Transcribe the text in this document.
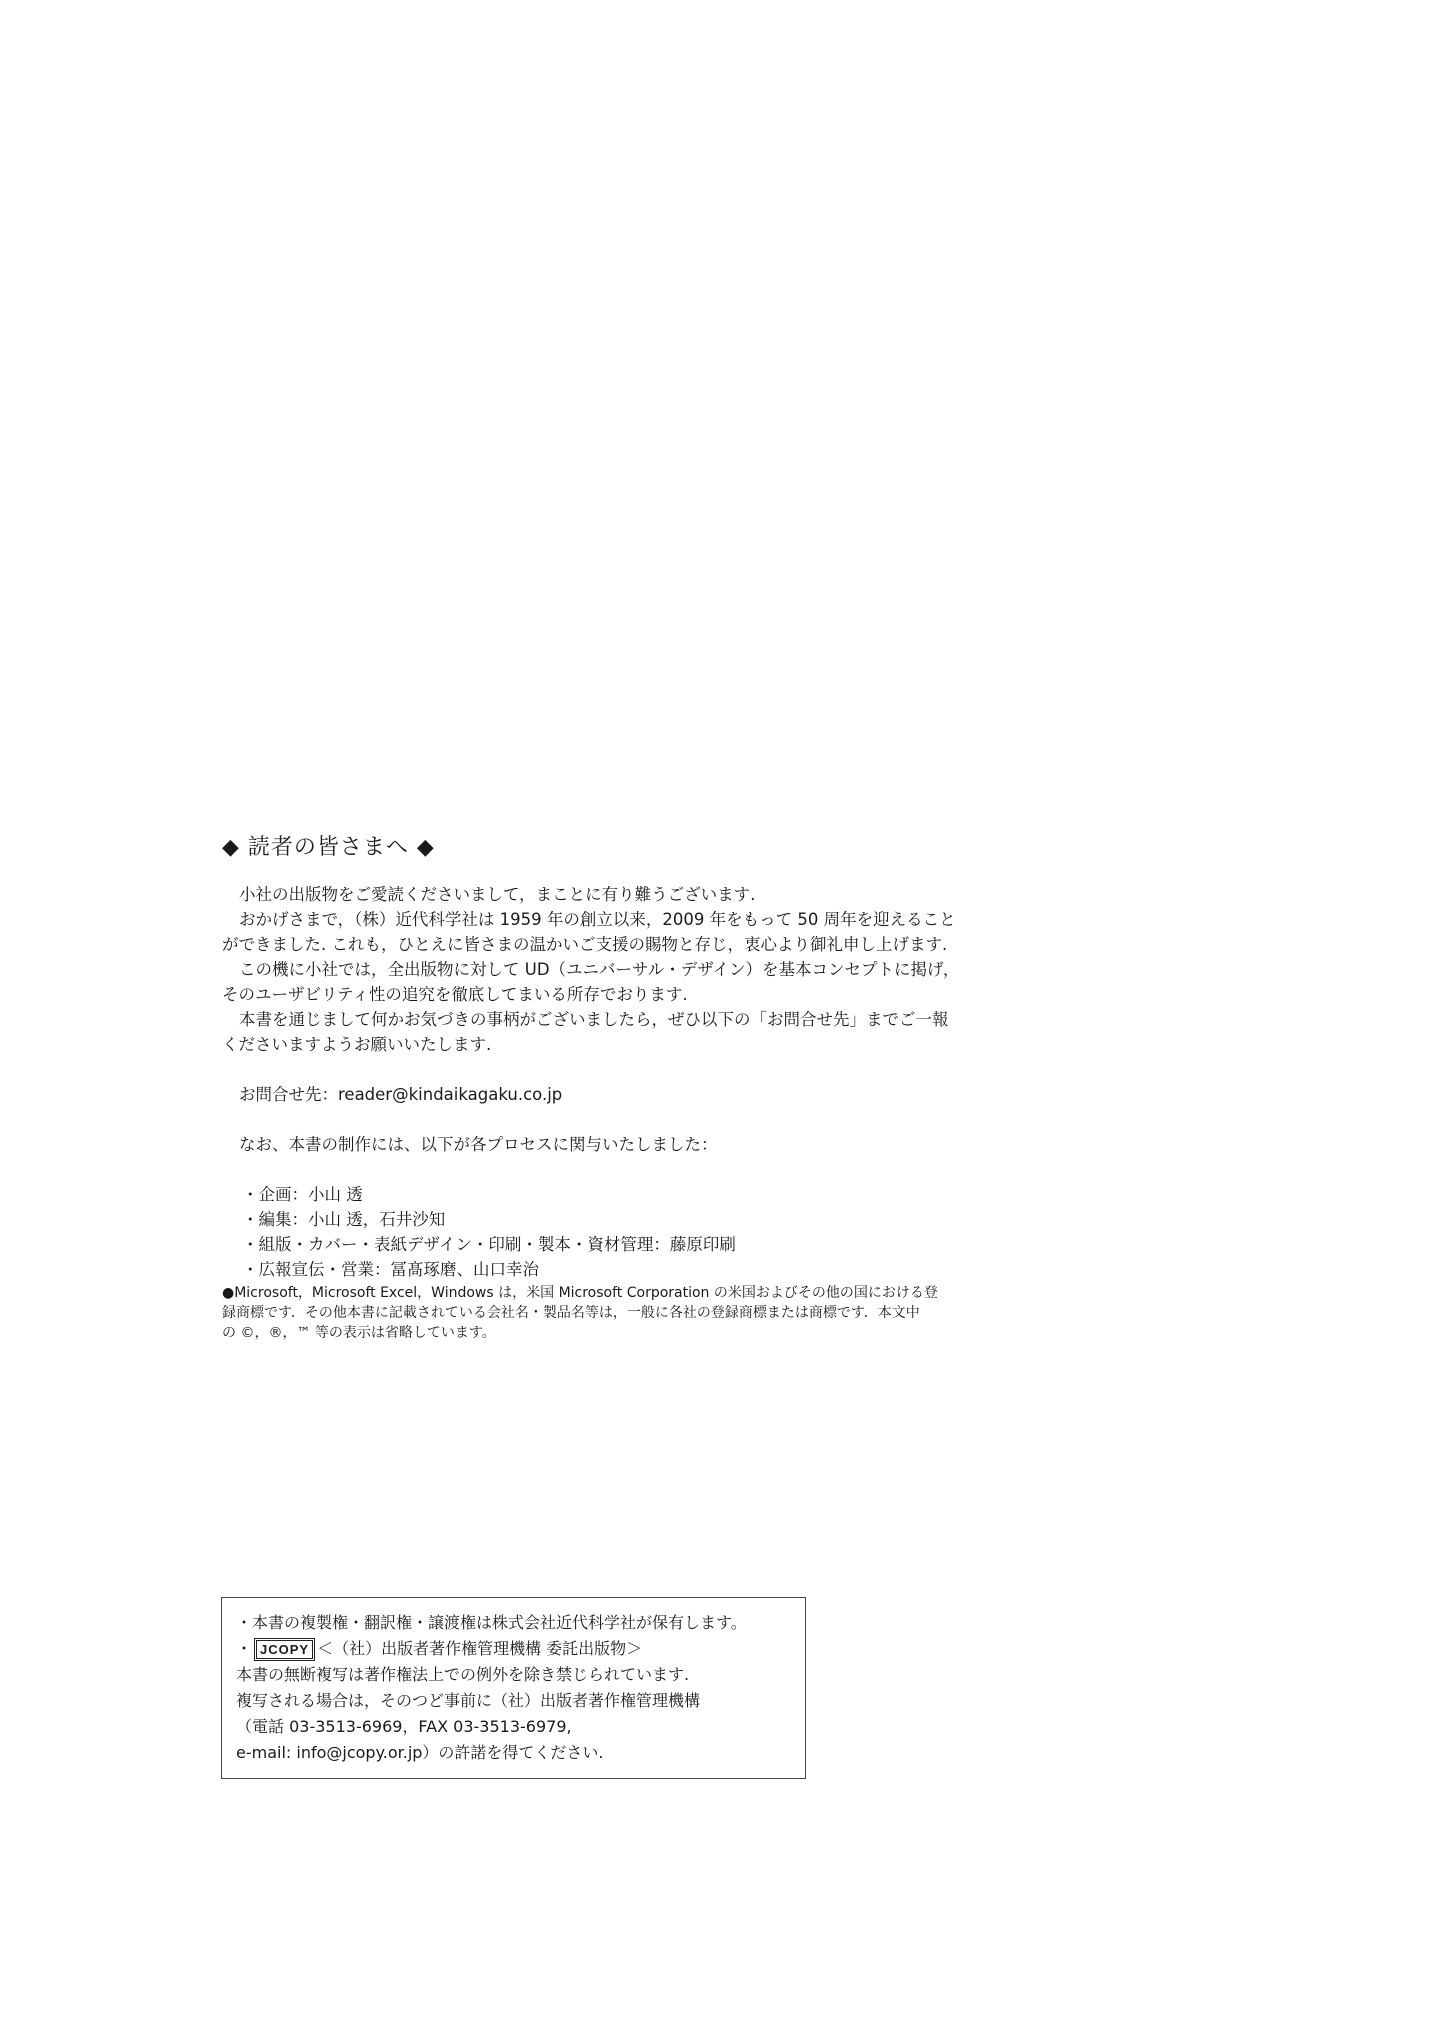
◆ 読者の皆さまへ ◆
小社の出版物をご愛読くださいまして，まことに有り難うございます.
おかげさまで，（株）近代科学社は 1959 年の創立以来，2009 年をもって 50 周年を迎えること
ができました. これも，ひとえに皆さまの温かいご支援の賜物と存じ，衷心より御礼申し上げます.
この機に小社では，全出版物に対して UD（ユニバーサル・デザイン）を基本コンセプトに掲げ，
そのユーザビリティ性の追究を徹底してまいる所存でおります.
本書を通じまして何かお気づきの事柄がございましたら，ぜひ以下の「お問合せ先」までご一報
くださいますようお願いいたします.
お問合せ先：reader@kindaikagaku.co.jp
なお、本書の制作には、以下が各プロセスに関与いたしました：
・企画：小山 透
・編集：小山 透，石井沙知
・組版・カバー・表紙デザイン・印刷・製本・資材管理：藤原印刷
・広報宣伝・営業：冨髙琢磨、山口幸治
●Microsoft，Microsoft Excel，Windows は，米国 Microsoft Corporation の米国およびその他の国における登
録商標です．その他本書に記載されている会社名・製品名等は，一般に各社の登録商標または商標です．本文中
の ©，®，™ 等の表示は省略しています。
・本書の複製権・翻訳権・譲渡権は株式会社近代科学社が保有します。
・ JCOPY ＜（社）出版者著作権管理機構 委託出版物＞
本書の無断複写は著作権法上での例外を除き禁じられています.
複写される場合は，そのつど事前に（社）出版者著作権管理機構
（電話 03-3513-6969，FAX 03-3513-6979,
e-mail: info@jcopy.or.jp）の許諾を得てください.
